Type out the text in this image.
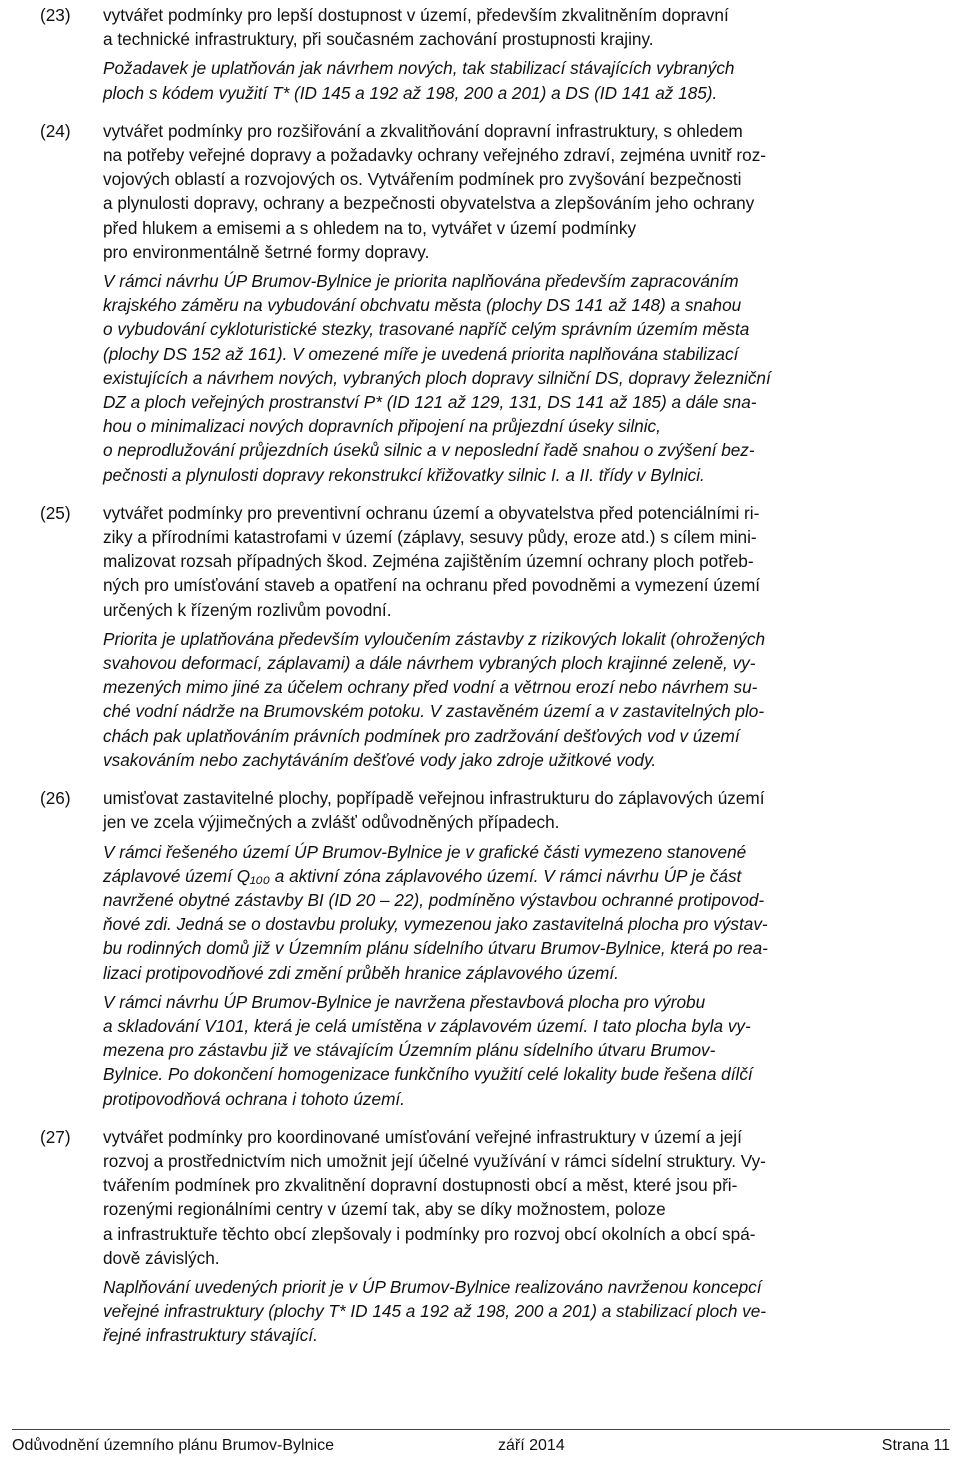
(23) vytvářet podmínky pro lepší dostupnost v území, především zkvalitněním dopravní
a technické infrastruktury, při současném zachování prostupnosti krajiny.
Požadavek je uplatňován jak návrhem nových, tak stabilizací stávajících vybraných
ploch s kódem využití T* (ID 145 a 192 až 198, 200 a 201) a DS (ID 141 až 185).
(24) vytvářet podmínky pro rozšiřování a zkvalitňování dopravní infrastruktury, s ohledem
na potřeby veřejné dopravy a požadavky ochrany veřejného zdraví, zejména uvnitř roz-
vojových oblastí a rozvojových os. Vytvářením podmínek pro zvyšování bezpečnosti
a plynulosti dopravy, ochrany a bezpečnosti obyvatelstva a zlepšováním jeho ochrany
před hlukem a emisemi a s ohledem na to, vytvářet v území podmínky
pro environmentálně šetrné formy dopravy.
V rámci návrhu ÚP Brumov-Bylnice je priorita naplňována především zapracováním
krajského záměru na vybudování obchvatu města (plochy DS 141 až 148) a snahou
o vybudování cykloturistické stezky, trasované napříč celým správním územím města
(plochy DS 152 až 161). V omezené míře je uvedená priorita naplňována stabilizací
existujících a návrhem nových, vybraných ploch dopravy silniční DS, dopravy železniční
DZ a ploch veřejných prostranství P* (ID 121 až 129, 131, DS 141 až 185) a dále sna-
hou o minimalizaci nových dopravních připojení na průjezdní úseky silnic,
o neprodlužování průjezdních úseků silnic a v neposlední řadě snahou o zvýšení bez-
pečnosti a plynulosti dopravy rekonstrukcí křižovatky silnic I. a II. třídy v Bylnici.
(25) vytvářet podmínky pro preventivní ochranu území a obyvatelstva před potenciálními ri-
ziky a přírodními katastrofami v území (záplavy, sesuvy půdy, eroze atd.) s cílem mini-
malizovat rozsah případných škod. Zejména zajištěním územní ochrany ploch potřeb-
ných pro umísťování staveb a opatření na ochranu před povodněmi a vymezení území
určených k řízeným rozlivům povodní.
Priorita je uplatňována především vyloučením zástavby z rizikových lokalit (ohrožených
svahovou deformací, záplavami) a dále návrhem vybraných ploch krajinné zeleně, vy-
mezených mimo jiné za účelem ochrany před vodní a větrnou erozí nebo návrhem su-
ché vodní nádrže na Brumovském potoku. V zastavěném území a v zastavitelných plo-
chách pak uplatňováním právních podmínek pro zadržování dešťových vod v území
vsakováním nebo zachytáváním dešťové vody jako zdroje užitkové vody.
(26) umisťovat zastavitelné plochy, popřípadě veřejnou infrastrukturu do záplavových území
jen ve zcela výjimečných a zvlášť odůvodněných případech.
V rámci řešeného území ÚP Brumov-Bylnice je v grafické části vymezeno stanovené
záplavové území Q₁₀₀ a aktivní zóna záplavového území. V rámci návrhu ÚP je část
navržené obytné zástavby BI (ID 20 – 22), podmíněno výstavbou ochranné protipovod-
ňové zdi. Jedná se o dostavbu proluky, vymezenou jako zastavitelná plocha pro výstav-
bu rodinných domů již v Územním plánu sídelního útvaru Brumov-Bylnice, která po rea-
lizaci protipovodňové zdi změní průběh hranice záplavového území.
V rámci návrhu ÚP Brumov-Bylnice je navržena přestavbová plocha pro výrobu
a skladování V101, která je celá umístěna v záplavovém území. I tato plocha byla vy-
mezena pro zástavbu již ve stávajícím Územním plánu sídelního útvaru Brumov-
Bylnice. Po dokončení homogenizace funkčního využití celé lokality bude řešena dílčí
protipovodňová ochrana i tohoto území.
(27) vytvářet podmínky pro koordinované umísťování veřejné infrastruktury v území a její
rozvoj a prostřednictvím nich umožnit její účelné využívání v rámci sídelní struktury. Vy-
tvářením podmínek pro zkvalitnění dopravní dostupnosti obcí a měst, které jsou při-
rozenými regionálními centry v území tak, aby se díky možnostem, poloze
a infrastruktuře těchto obcí zlepšovaly i podmínky pro rozvoj obcí okolních a obcí spá-
dově závislých.
Naplňování uvedených priorit je v ÚP Brumov-Bylnice realizováno navrženou koncepcí
veřejné infrastruktury (plochy T* ID 145 a 192 až 198, 200 a 201) a stabilizací ploch ve-
řejné infrastruktury stávající.
Odůvodnění územního plánu Brumov-Bylnice	září 2014	Strana 11
